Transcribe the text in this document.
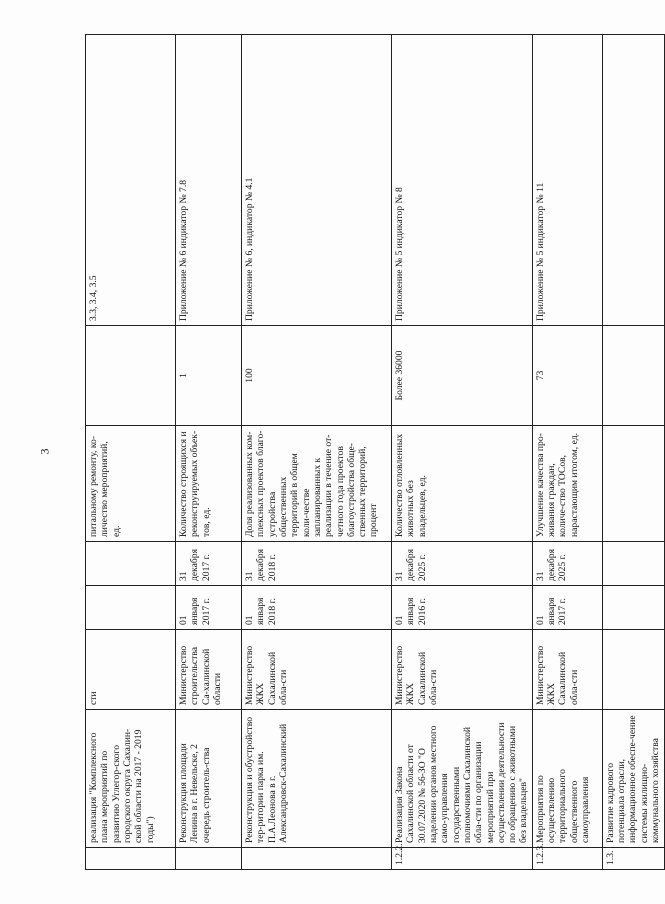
3
	реализация "Комплексного плана мероприятий по развитию Углегор-ского городского округа Сахалин-ской области на 2017 - 2019 годы")	сти			питальному ремонту, ко-личество мероприятий, ед.		3.3, 3.4, 3.5
	Реконструкция площади Ленина в г. Невельске, 2 очередь строитель-ства	Министерство строительства Са-халинской области	01 января 2017 г.	31 декабря 2017 г.	Количество строящихся и реконструируемых объек-тов, ед.	1	Приложение № 6 индикатор № 7.8
	Реконструкция и обустройство тер-ритории парка им. П.А.Леонова в г. Александровск-Сахалинский	Министерство ЖКХ Сахалинской обла-сти	01 января 2018 г.	31 декабря 2018 г.	Доля реализованных ком-плексных проектов благо-устройства общественных территорий в общем коли-честве запланированных к реализации в течение от-четного года проектов благоустройства обще-ственных территорий, процент	100	Приложение № 6, индикатор № 4.1
1.2.2.	Реализация Закона Сахалинской области от 30.07.2020 № 56-ЗО "О наделении органов местного само-управления государственными полномочиями Сахалинской обла-сти по организации мероприятий при осуществлении деятельности по обращению с животными без владельцев"	Министерство ЖКХ Сахалинской обла-сти	01 января 2016 г.	31 декабря 2025 г.	Количество отловленных животных без владельцев, ед.	Более 36000	Приложение № 5 индикатор № 8
1.2.3.	Мероприятия по осуществлению территориального общественного самоуправления	Министерство ЖКХ Сахалинской обла-сти	01 января 2017 г.	31 декабря 2025 г.	Улучшение качества про-живания граждан, количе-ство ТОСов, нарастающим итогом, ед.	73	Приложение № 5 индикатор № 11
1.3.	Развитие кадрового потенциала отрасли, информационное обеспе-чение системы жилищно-коммунального хозяйства						
